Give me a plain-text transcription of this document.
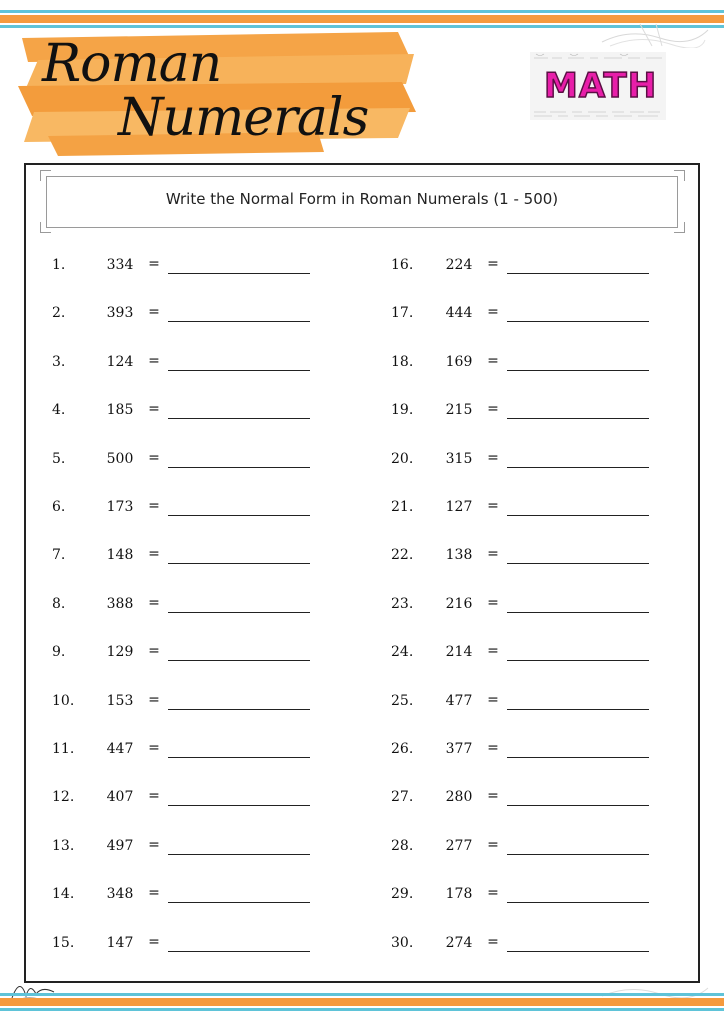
Roman
Numerals
MATH
Write the Normal Form in Roman Numerals (1 - 500)
1.	334	=
2.	393	=
3.	124	=
4.	185	=
5.	500	=
6.	173	=
7.	148	=
8.	388	=
9.	129	=
10.	153	=
11.	447	=
12.	407	=
13.	497	=
14.	348	=
15.	147	=
16.	224	=
17.	444	=
18.	169	=
19.	215	=
20.	315	=
21.	127	=
22.	138	=
23.	216	=
24.	214	=
25.	477	=
26.	377	=
27.	280	=
28.	277	=
29.	178	=
30.	274	=
